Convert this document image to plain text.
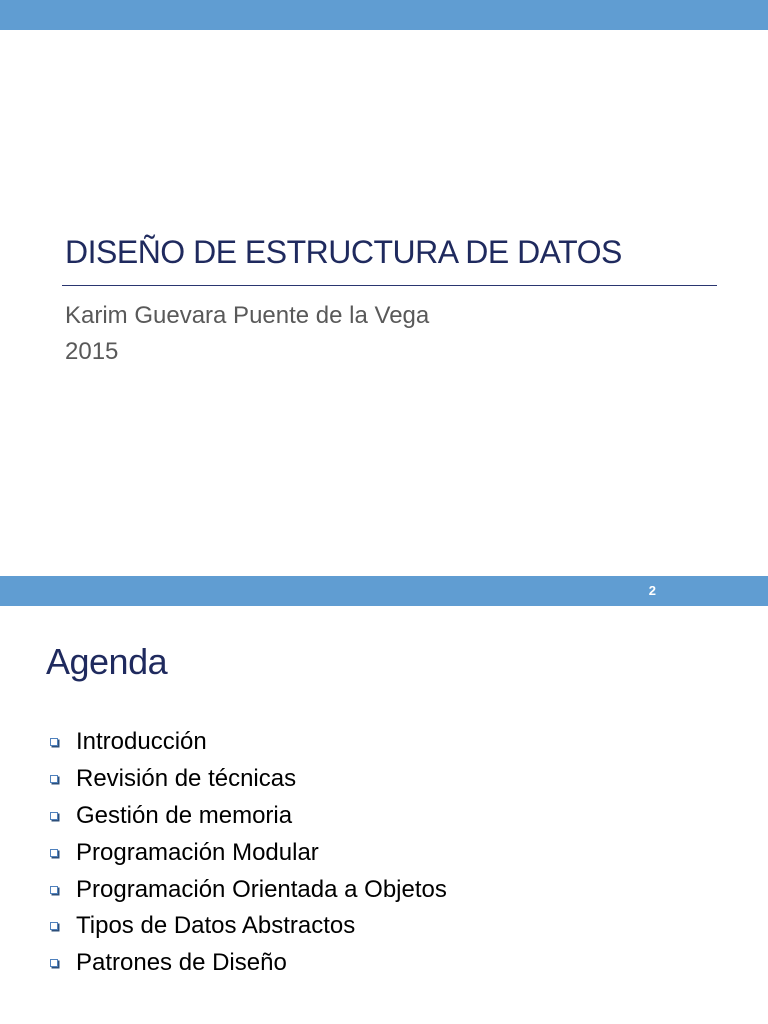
DISEÑO DE ESTRUCTURA DE DATOS
Karim Guevara Puente de la Vega
2015
2
Agenda
Introducción
Revisión de técnicas
Gestión de memoria
Programación Modular
Programación Orientada a Objetos
Tipos de Datos Abstractos
Patrones de Diseño
